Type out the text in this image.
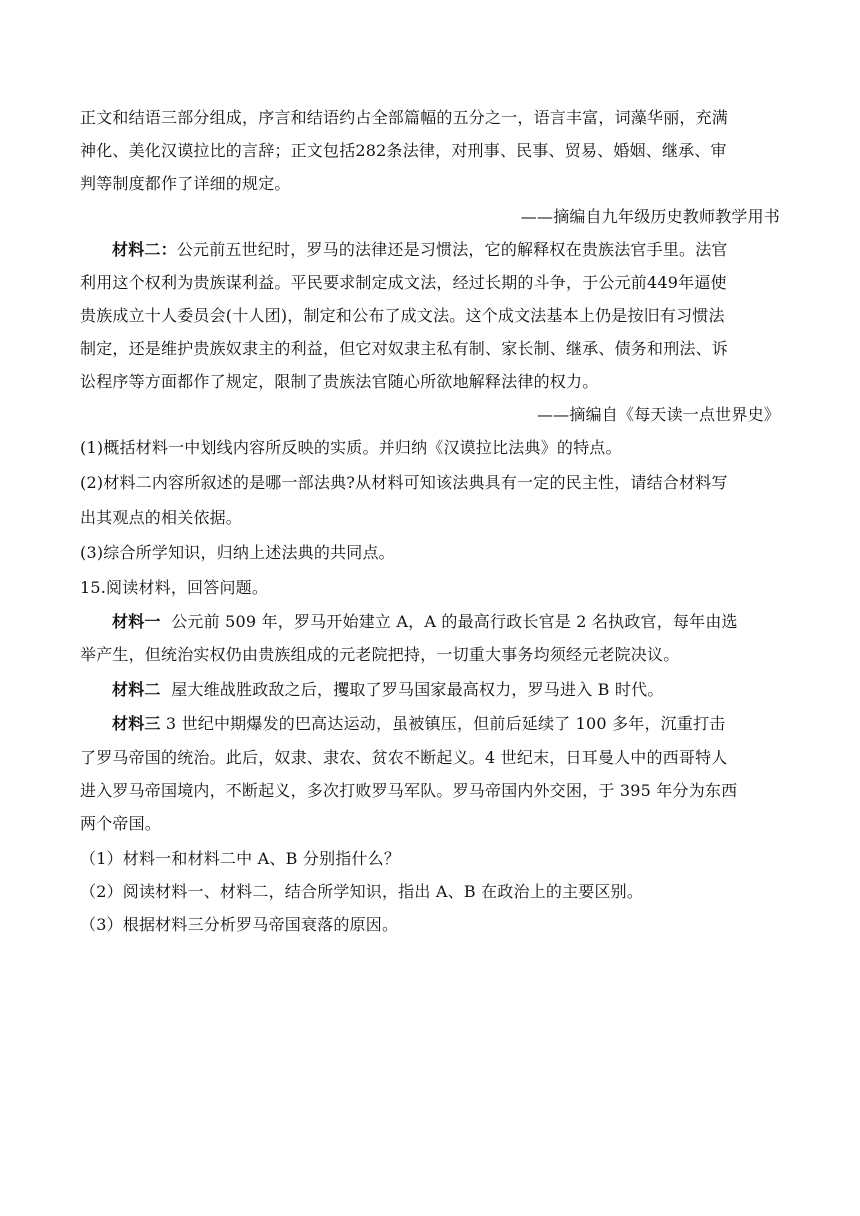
正文和结语三部分组成，序言和结语约占全部篇幅的五分之一，语言丰富，词藻华丽，充满
神化、美化汉谟拉比的言辞；正文包括282条法律，对刑事、民事、贸易、婚姻、继承、审
判等制度都作了详细的规定。
——摘编自九年级历史教师教学用书
材料二：公元前五世纪时，罗马的法律还是习惯法，它的解释权在贵族法官手里。法官
利用这个权利为贵族谋利益。平民要求制定成文法，经过长期的斗争，于公元前449年逼使
贵族成立十人委员会(十人团)，制定和公布了成文法。这个成文法基本上仍是按旧有习惯法
制定，还是维护贵族奴隶主的利益，但它对奴隶主私有制、家长制、继承、债务和刑法、诉
讼程序等方面都作了规定，限制了贵族法官随心所欲地解释法律的权力。
——摘编自《每天读一点世界史》
(1)概括材料一中划线内容所反映的实质。并归纳《汉谟拉比法典》的特点。
(2)材料二内容所叙述的是哪一部法典?从材料可知该法典具有一定的民主性，请结合材料写
出其观点的相关依据。
(3)综合所学知识，归纳上述法典的共同点。
15.阅读材料，回答问题。
材料一 公元前 509 年，罗马开始建立 A，A 的最高行政长官是 2 名执政官，每年由选
举产生，但统治实权仍由贵族组成的元老院把持，一切重大事务均须经元老院决议。
材料二 屋大维战胜政敌之后，攫取了罗马国家最高权力，罗马进入 B 时代。
材料三 3 世纪中期爆发的巴高达运动，虽被镇压，但前后延续了 100 多年，沉重打击
了罗马帝国的统治。此后，奴隶、隶农、贫农不断起义。4 世纪末，日耳曼人中的西哥特人
进入罗马帝国境内，不断起义，多次打败罗马军队。罗马帝国内外交困，于 395 年分为东西
两个帝国。
（1）材料一和材料二中 A、B 分别指什么？
（2）阅读材料一、材料二，结合所学知识，指出 A、B 在政治上的主要区别。
（3）根据材料三分析罗马帝国衰落的原因。
